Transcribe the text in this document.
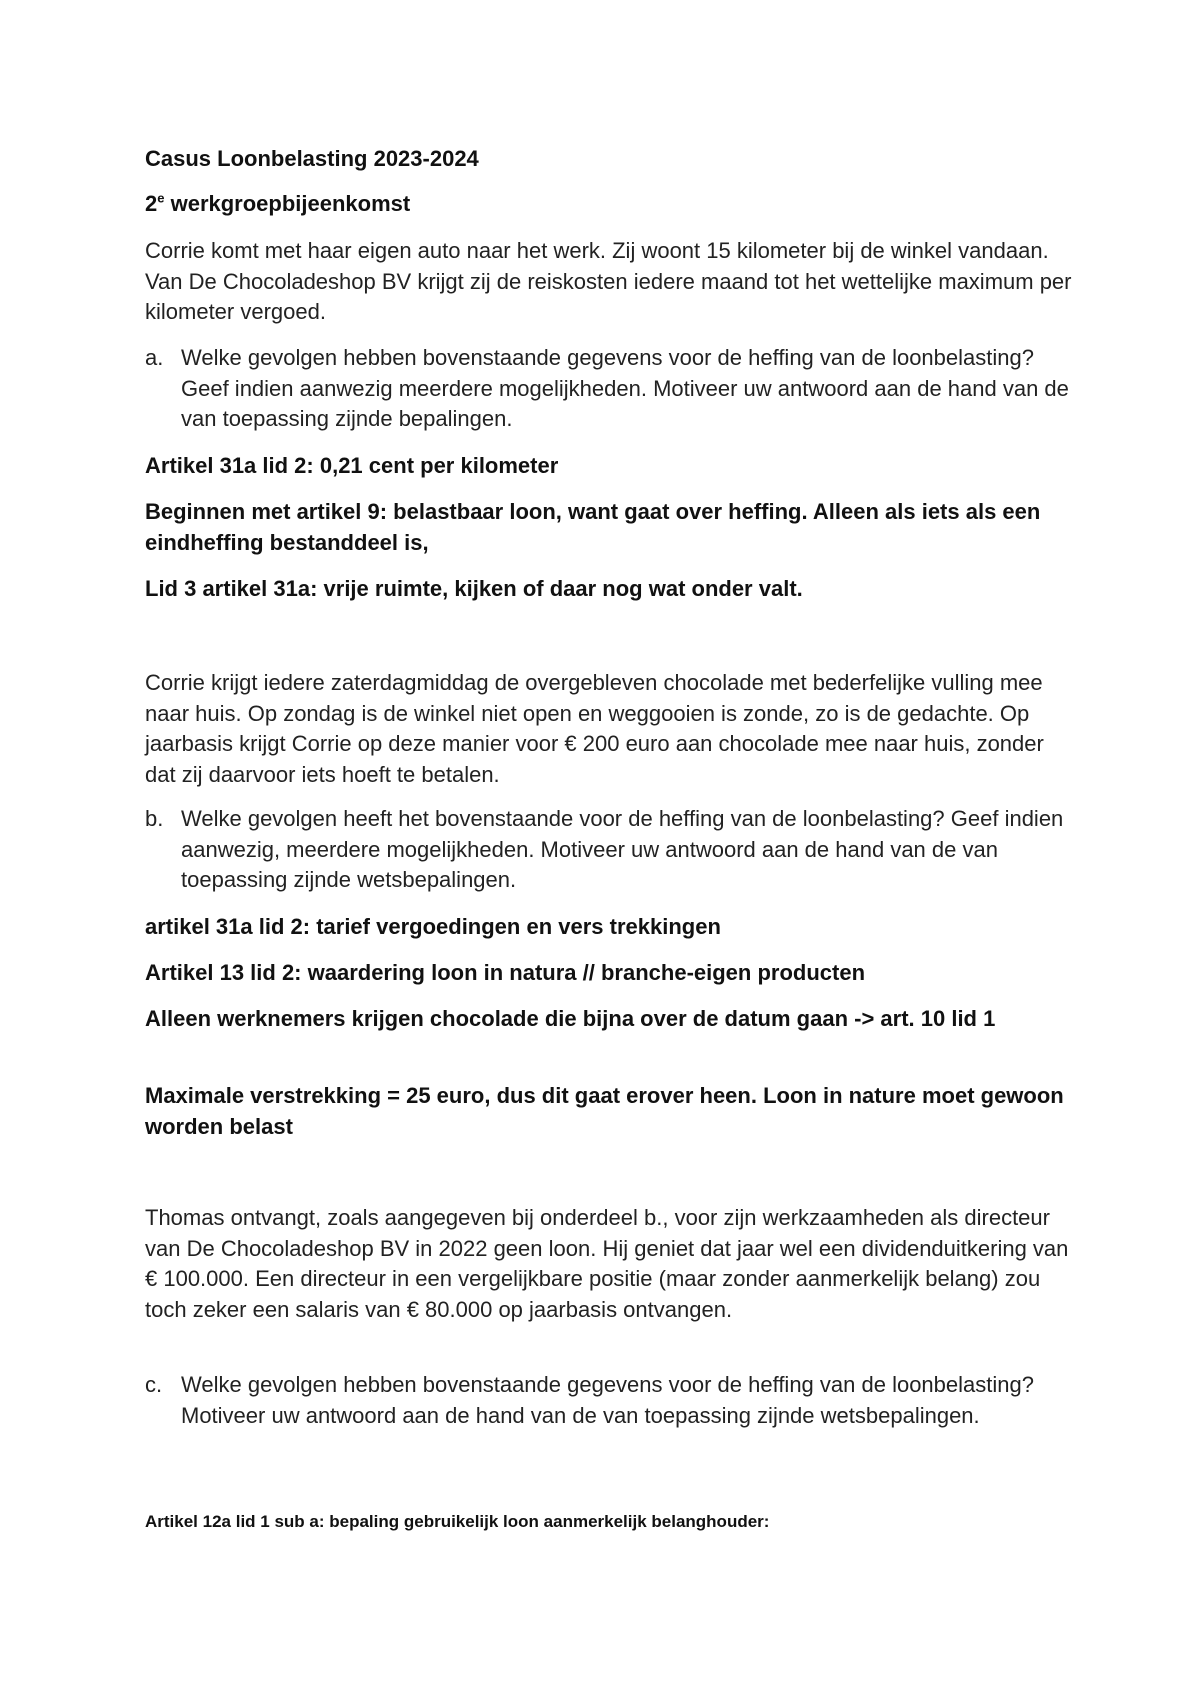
Casus Loonbelasting 2023-2024

2e werkgroepbijeenkomst

Corrie komt met haar eigen auto naar het werk. Zij woont 15 kilometer bij de winkel vandaan. Van De Chocoladeshop BV krijgt zij de reiskosten iedere maand tot het wettelijke maximum per kilometer vergoed.

a. Welke gevolgen hebben bovenstaande gegevens voor de heffing van de loonbelasting? Geef indien aanwezig meerdere mogelijkheden. Motiveer uw antwoord aan de hand van de van toepassing zijnde bepalingen.

Artikel 31a lid 2: 0,21 cent per kilometer

Beginnen met artikel 9: belastbaar loon, want gaat over heffing. Alleen als iets als een eindheffing bestanddeel is,

Lid 3 artikel 31a: vrije ruimte, kijken of daar nog wat onder valt.

Corrie krijgt iedere zaterdagmiddag de overgebleven chocolade met bederfelijke vulling mee naar huis. Op zondag is de winkel niet open en weggooien is zonde, zo is de gedachte. Op jaarbasis krijgt Corrie op deze manier voor € 200 euro aan chocolade mee naar huis, zonder dat zij daarvoor iets hoeft te betalen.

b. Welke gevolgen heeft het bovenstaande voor de heffing van de loonbelasting? Geef indien aanwezig, meerdere mogelijkheden. Motiveer uw antwoord aan de hand van de van toepassing zijnde wetsbepalingen.

artikel 31a lid 2: tarief vergoedingen en vers trekkingen

Artikel 13 lid 2: waardering loon in natura // branche-eigen producten

Alleen werknemers krijgen chocolade die bijna over de datum gaan -> art. 10 lid 1

Maximale verstrekking = 25 euro, dus dit gaat erover heen. Loon in nature moet gewoon worden belast

Thomas ontvangt, zoals aangegeven bij onderdeel b., voor zijn werkzaamheden als directeur van De Chocoladeshop BV in 2022 geen loon. Hij geniet dat jaar wel een dividenduitkering van € 100.000. Een directeur in een vergelijkbare positie (maar zonder aanmerkelijk belang) zou toch zeker een salaris van € 80.000 op jaarbasis ontvangen.

c. Welke gevolgen hebben bovenstaande gegevens voor de heffing van de loonbelasting? Motiveer uw antwoord aan de hand van de van toepassing zijnde wetsbepalingen.

Artikel 12a lid 1 sub a: bepaling gebruikelijk loon aanmerkelijk belanghouder:
